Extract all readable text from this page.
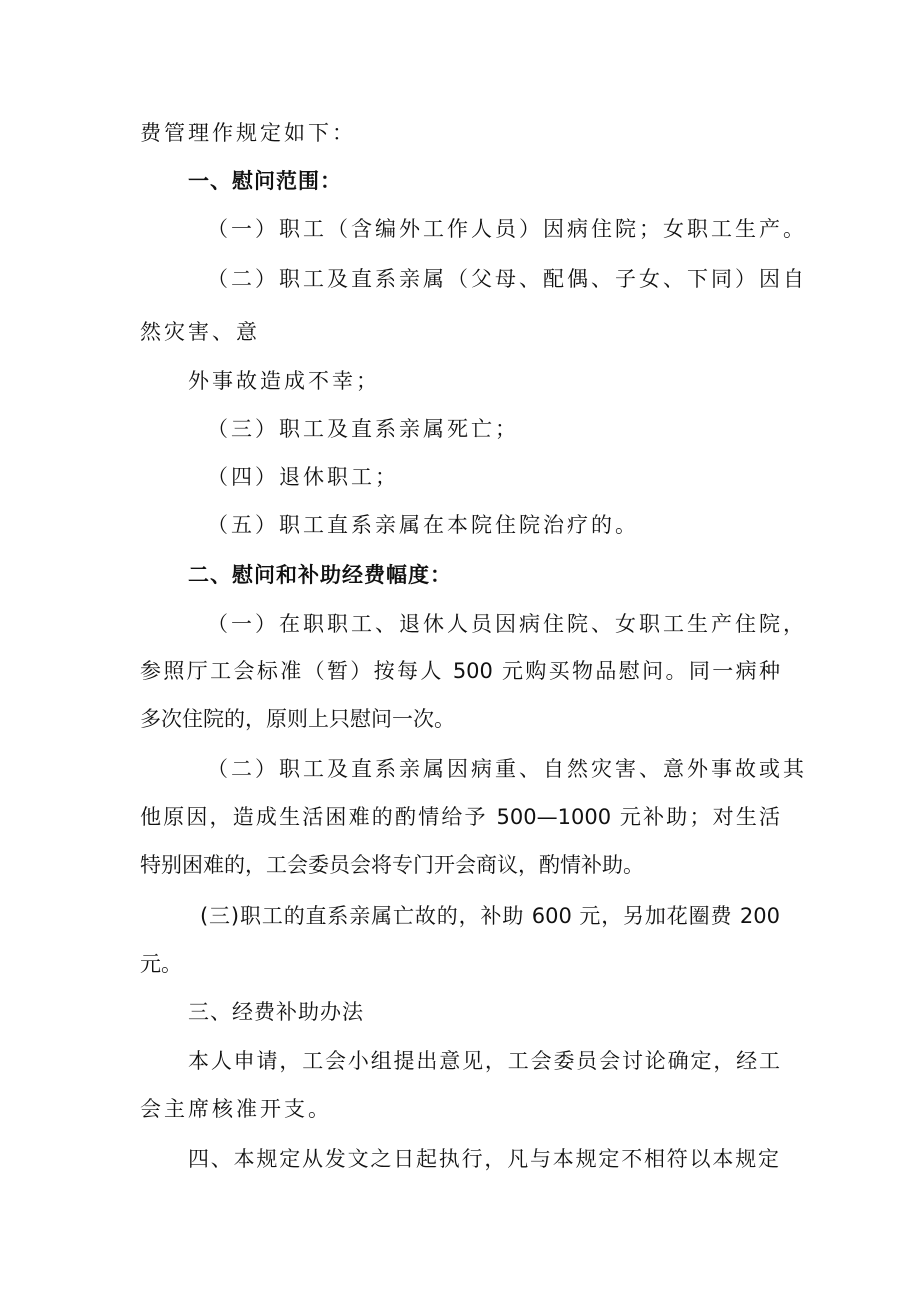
费管理作规定如下：
一、慰问范围：
（一）职工（含编外工作人员）因病住院；女职工生产。
（二）职工及直系亲属（父母、配偶、子女、下同）因自
然灾害、意
外事故造成不幸；
（三）职工及直系亲属死亡；
（四）退休职工；
（五）职工直系亲属在本院住院治疗的。
二、慰问和补助经费幅度：
（一）在职职工、退休人员因病住院、女职工生产住院，
参照厅工会标准（暂）按每人 500 元购买物品慰问。同一病种
多次住院的，原则上只慰问一次。
（二）职工及直系亲属因病重、自然灾害、意外事故或其
他原因，造成生活困难的酌情给予 500—1000 元补助；对生活
特别困难的，工会委员会将专门开会商议，酌情补助。
(三)职工的直系亲属亡故的，补助 600 元，另加花圈费 200
元。
三、经费补助办法
本人申请，工会小组提出意见，工会委员会讨论确定，经工
会主席核准开支。
四、本规定从发文之日起执行，凡与本规定不相符以本规定
